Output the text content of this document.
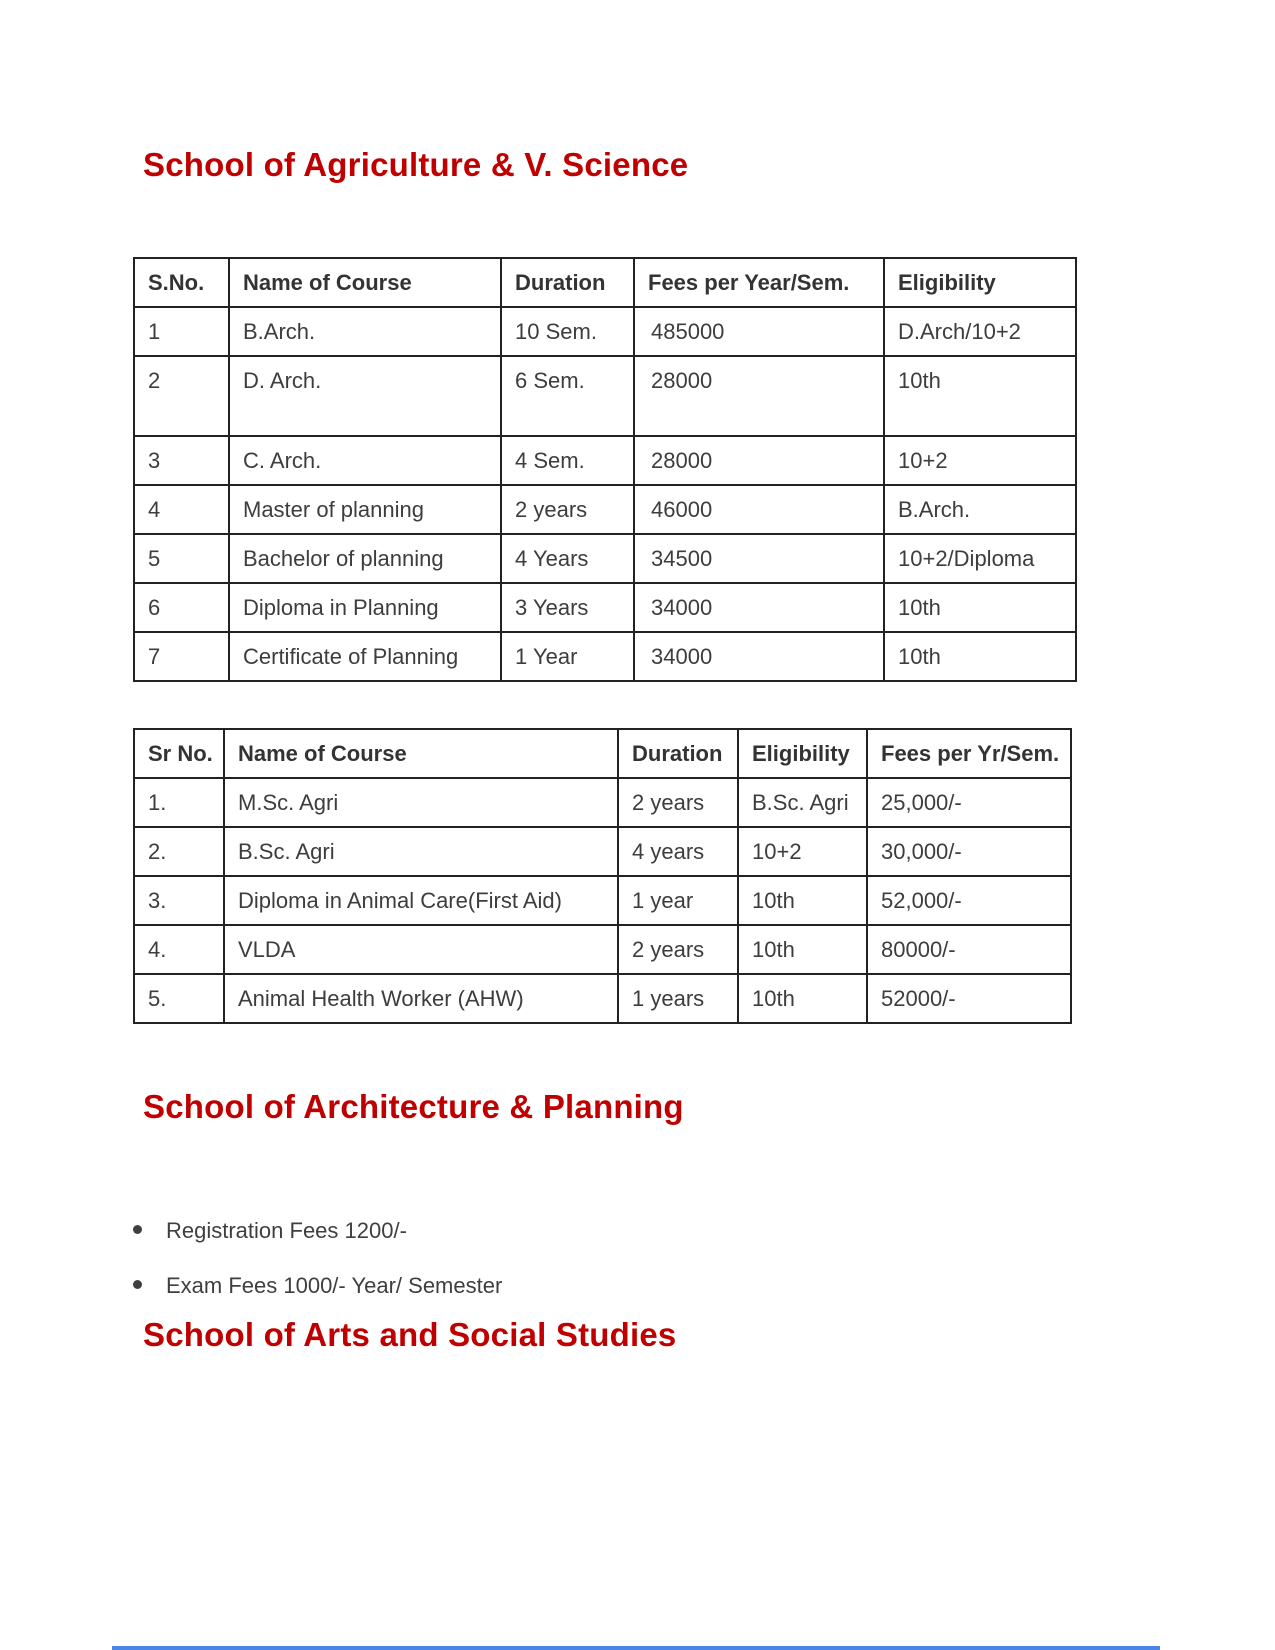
School of Agriculture & V. Science
S.No.	Name of Course	Duration	Fees per Year/Sem.	Eligibility
1	B.Arch.	10 Sem.	485000	D.Arch/10+2
2	D. Arch.	6 Sem.	28000	10th
3	C. Arch.	4 Sem.	28000	10+2
4	Master of planning	2 years	46000	B.Arch.
5	Bachelor of planning	4 Years	34500	10+2/Diploma
6	Diploma in Planning	3 Years	34000	10th
7	Certificate of Planning	1 Year	34000	10th
Sr No.	Name of Course	Duration	Eligibility	Fees per Yr/Sem.
1.	M.Sc. Agri	2 years	B.Sc. Agri	25,000/-
2.	B.Sc. Agri	4 years	10+2	30,000/-
3.	Diploma in Animal Care(First Aid)	1 year	10th	52,000/-
4.	VLDA	2 years	10th	80000/-
5.	Animal Health Worker (AHW)	1 years	10th	52000/-
School of Architecture & Planning
Registration Fees 1200/-
Exam Fees 1000/- Year/ Semester
School of Arts and Social Studies
